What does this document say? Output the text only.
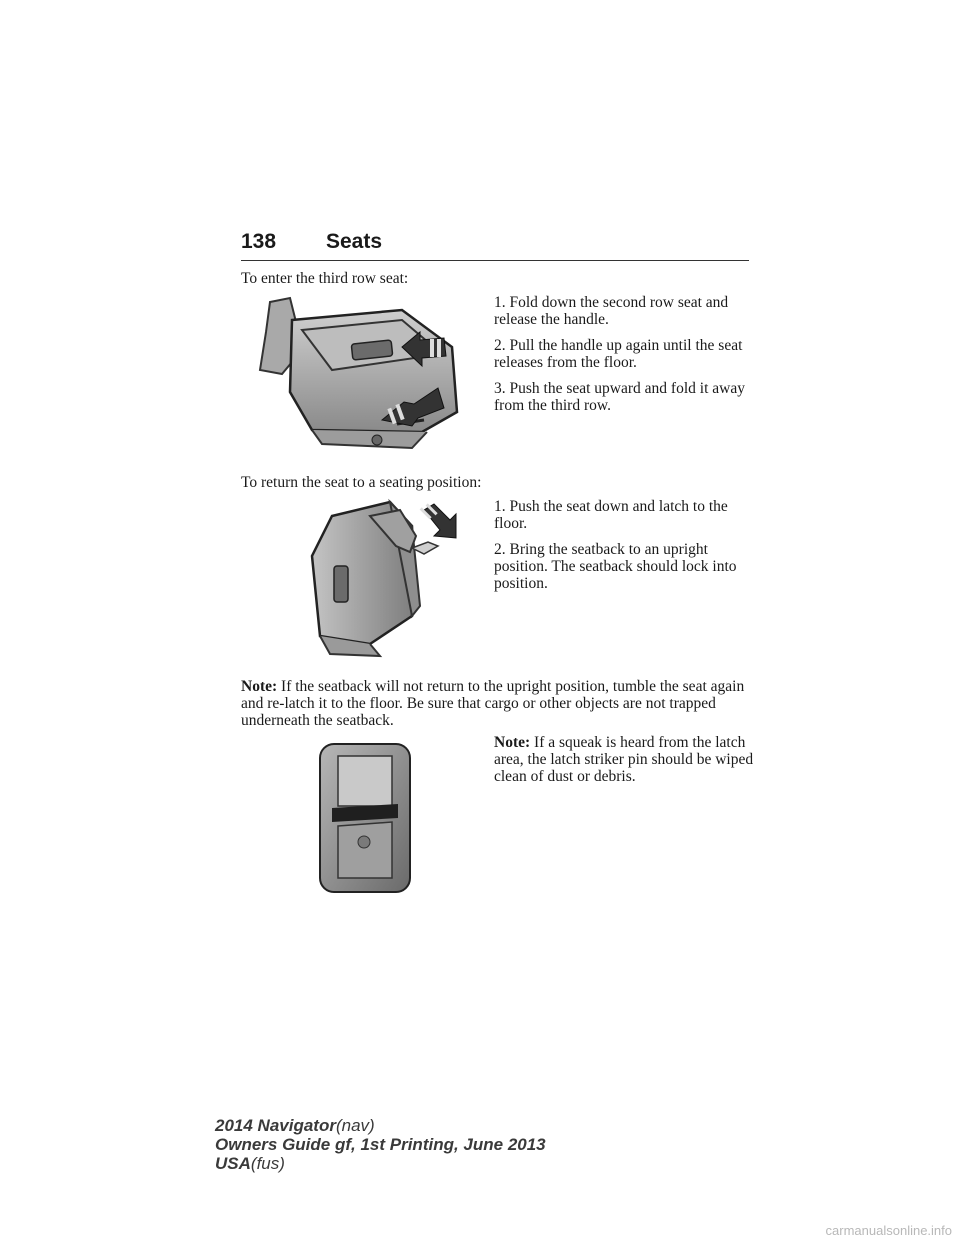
138 Seats
To enter the third row seat:

1. Fold down the second row seat and release the handle.

2. Pull the handle up again until the seat releases from the floor.

3. Push the seat upward and fold it away from the third row.

To return the seat to a seating position:

1. Push the seat down and latch to the floor.

2. Bring the seatback to an upright position. The seatback should lock into position.

Note: If the seatback will not return to the upright position, tumble the seat again and re-latch it to the floor. Be sure that cargo or other objects are not trapped underneath the seatback.
Note: If a squeak is heard from the latch area, the latch striker pin should be wiped clean of dust or debris.
2014 Navigator(nav)
Owners Guide gf, 1st Printing, June 2013
USA(fus)
carmanualsonline.info
